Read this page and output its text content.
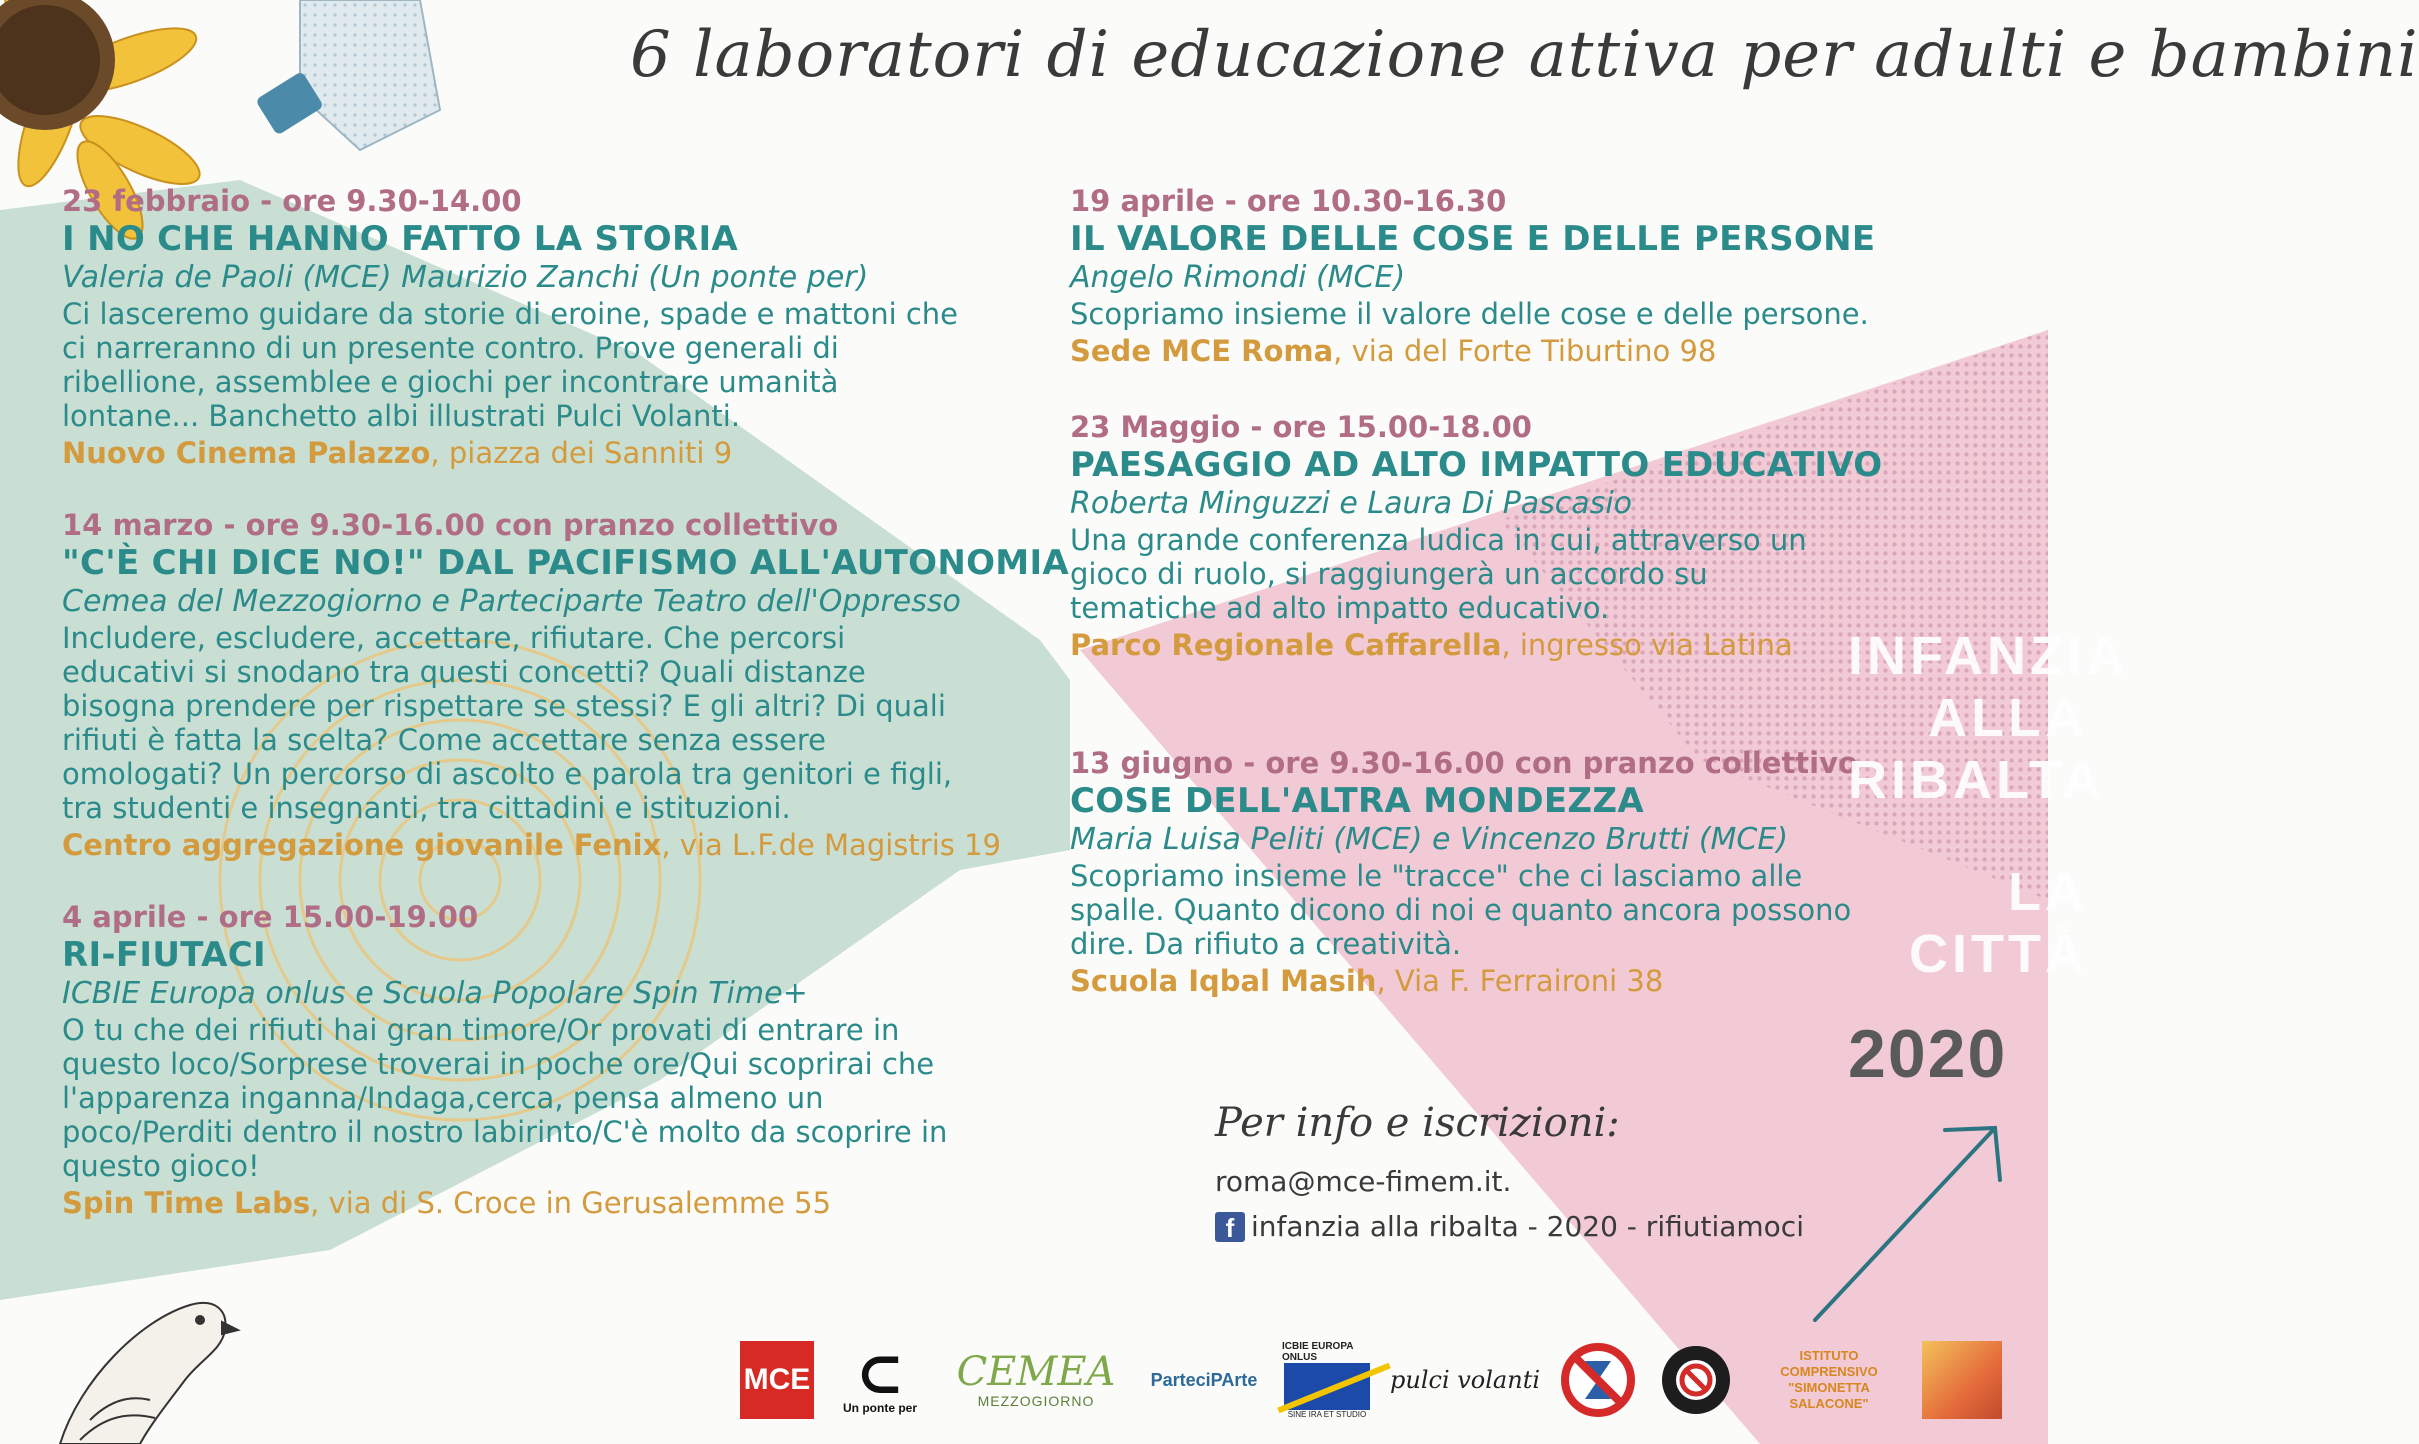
6 laboratori di educazione attiva per adulti e bambini
23 febbraio - ore 9.30-14.00
I NO CHE HANNO FATTO LA STORIA
Valeria de Paoli (MCE) Maurizio Zanchi (Un ponte per)
Ci lasceremo guidare da storie di eroine, spade e mattoni che ci narreranno di un presente contro. Prove generali di ribellione, assemblee e giochi per incontrare umanità lontane... Banchetto albi illustrati Pulci Volanti.
Nuovo Cinema Palazzo, piazza dei Sanniti 9
14 marzo - ore 9.30-16.00 con pranzo collettivo
"C'È CHI DICE NO!" DAL PACIFISMO ALL'AUTONOMIA
Cemea del Mezzogiorno e Parteciparte Teatro dell'Oppresso
Includere, escludere, accettare, rifiutare. Che percorsi educativi si snodano tra questi concetti? Quali distanze bisogna prendere per rispettare se stessi? E gli altri? Di quali rifiuti è fatta la scelta? Come accettare senza essere omologati? Un percorso di ascolto e parola tra genitori e figli, tra studenti e insegnanti, tra cittadini e istituzioni.
Centro aggregazione giovanile Fenix, via L.F.de Magistris 19
4 aprile - ore 15.00-19.00
RI-FIUTACI
ICBIE Europa onlus e Scuola Popolare Spin Time+
O tu che dei rifiuti hai gran timore/Or provati di entrare in questo loco/Sorprese troverai in poche ore/Qui scoprirai che l'apparenza inganna/Indaga,cerca, pensa almeno un poco/Perditi dentro il nostro labirinto/C'è molto da scoprire in questo gioco!
Spin Time Labs, via di S. Croce in Gerusalemme 55
19 aprile - ore 10.30-16.30
IL VALORE DELLE COSE E DELLE PERSONE
Angelo Rimondi (MCE)
Scopriamo insieme il valore delle cose e delle persone.
Sede MCE Roma, via del Forte Tiburtino 98
23 Maggio - ore 15.00-18.00
PAESAGGIO AD ALTO IMPATTO EDUCATIVO
Roberta Minguzzi e Laura Di Pascasio
Una grande conferenza ludica in cui, attraverso un gioco di ruolo, si raggiungerà un accordo su tematiche ad alto impatto educativo.
Parco Regionale Caffarella, ingresso via Latina
13 giugno - ore 9.30-16.00 con pranzo collettivo
COSE DELL'ALTRA MONDEZZA
Maria Luisa Peliti (MCE) e Vincenzo Brutti (MCE)
Scopriamo insieme le "tracce" che ci lasciamo alle spalle. Quanto dicono di noi e quanto ancora possono dire. Da rifiuto a creatività.
Scuola Iqbal Masih, Via F. Ferraironi 38
INFANZIA
ALLA
RIBALTA
LA
CITTÀ
2020
Per info e iscrizioni:
roma@mce-fimem.it.
f infanzia alla ribalta - 2020 - rifiutiamoci
MCE ⊂
Un ponte per
CEMEA
MEZZOGIORNO
ParteciPArte
ICBIE EUROPA ONLUS
SINE IRA ET STUDIO
pulci volanti
ISTITUTO COMPRENSIVO
"SIMONETTA SALACONE"
